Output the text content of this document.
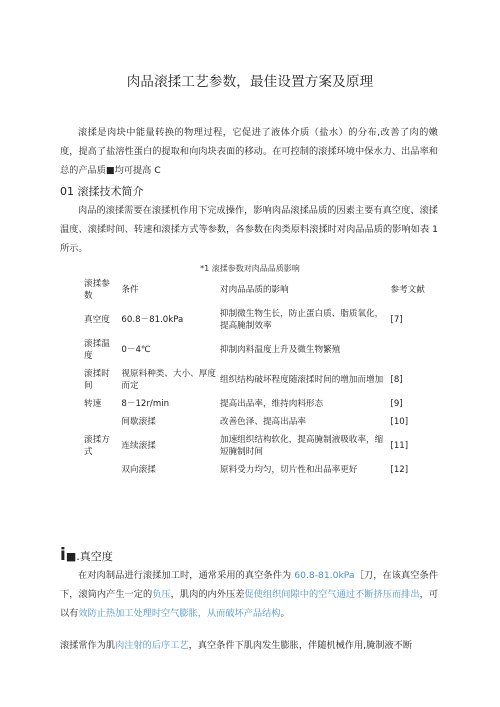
肉品滚揉工艺参数，最佳设置方案及原理

滚揉是肉块中能量转换的物理过程，它促进了液体介质（盐水）的分布,改善了肉的嫩度，提高了盐溶性蛋白的提取和向肉块表面的移动。在可控制的滚揉环境中保水力、出品率和总的产品质■均可提高 C

01 滚揉技术简介

肉品的滚揉需要在滚揉机作用下完成操作，影响肉品滚揉品质的因素主要有真空度、滚揉温度、滚揉时间、转速和滚揉方式等参数，各参数在肉类原料滚揉时对肉品品质的影响如表 1 所示。

*1 滚揉参数对肉品品质影响
滚揉参数	条件	对肉品品质的影响	参考文献
真空度	60.8－81.0kPa	抑制微生物生长，防止蛋白质、脂质氧化，提高腌制效率	[7]
滚揉温度	0－4℃	抑制肉料温度上升及微生物繁殖	
滚揉时间	视原料种类、大小、厚度而定	组织结构破坏程度随滚揉时间的增加而增加	[8]
转速	8－12r/min	提高出品率，维持肉料形态	[9]
	间歇滚揉	改善色泽、提高出品率	[10]
滚揉方式	连续滚揉	加速组织结构软化，提高腌制液吸收率，缩短腌制时间	[11]
	双向滚揉	原料受力均匀，切片性和出品率更好	[12]
i■.真空度

在对肉制品进行滚揉加工时，通常采用的真空条件为 60.8-81.0kPa［刀，在该真空条件下，滚筒内产生一定的负压，肌肉的内外压差促使组织间隙中的空气通过不断挤压而排出，可以有效防止热加工处理时空气膨胀，从而破坏产品结构。

滚揉常作为肌肉注射的后序工艺，真空条件下肌肉发生膨胀，伴随机械作用,腌制液不断
